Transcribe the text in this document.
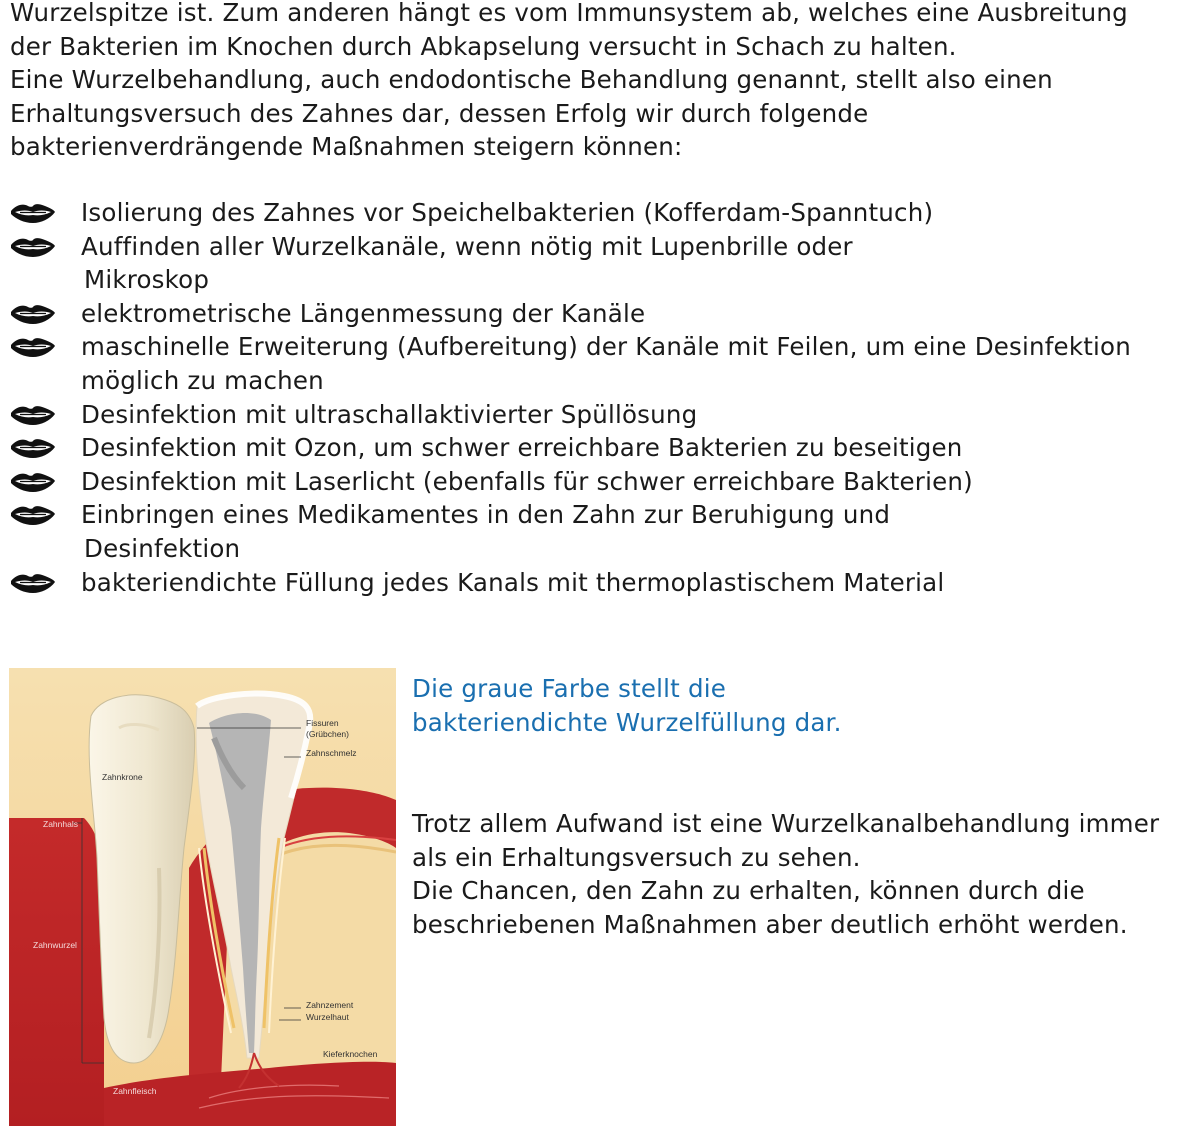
Wurzelspitze ist. Zum anderen hängt es vom Immunsystem ab, welches eine Ausbreitung
der Bakterien im Knochen durch Abkapselung versucht in Schach zu halten.
Eine Wurzelbehandlung, auch endodontische Behandlung genannt, stellt also einen
Erhaltungsversuch des Zahnes dar, dessen Erfolg wir durch folgende
bakterienverdrängende Maßnahmen steigern können:
Isolierung des Zahnes vor Speichelbakterien (Kofferdam-Spanntuch)
Auffinden aller Wurzelkanäle, wenn nötig mit Lupenbrille oder
Mikroskop
elektrometrische Längenmessung der Kanäle
maschinelle Erweiterung (Aufbereitung) der Kanäle mit Feilen, um eine Desinfektion
möglich zu machen
Desinfektion mit ultraschallaktivierter Spüllösung
Desinfektion mit Ozon, um schwer erreichbare Bakterien zu beseitigen
Desinfektion mit Laserlicht (ebenfalls für schwer erreichbare Bakterien)
Einbringen eines Medikamentes in den Zahn zur Beruhigung und
Desinfektion
bakteriendichte Füllung jedes Kanals mit thermoplastischem Material
Fissuren
(Grübchen)
Zahnschmelz
Zahnkrone
Zahnhals
Zahnwurzel
Zahnzement
Wurzelhaut
Kieferknochen
Zahnfleisch

Die graue Farbe stellt die
bakteriendichte Wurzelfüllung dar.

Trotz allem Aufwand ist eine Wurzelkanalbehandlung immer
als ein Erhaltungsversuch zu sehen.
Die Chancen, den Zahn zu erhalten, können durch die
beschriebenen Maßnahmen aber deutlich erhöht werden.
